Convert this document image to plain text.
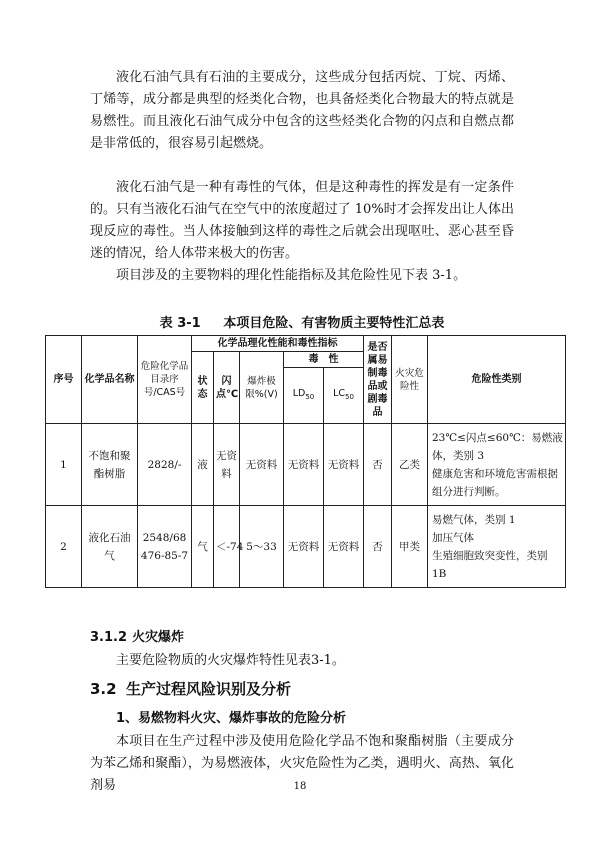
液化石油气具有石油的主要成分，这些成分包括丙烷、丁烷、丙烯、丁烯等，成分都是典型的烃类化合物，也具备烃类化合物最大的特点就是易燃性。而且液化石油气成分中包含的这些烃类化合物的闪点和自燃点都是非常低的，很容易引起燃烧。

液化石油气是一种有毒性的气体，但是这种毒性的挥发是有一定条件的。只有当液化石油气在空气中的浓度超过了 10%时才会挥发出让人体出现反应的毒性。当人体接触到这样的毒性之后就会出现呕吐、恶心甚至昏迷的情况，给人体带来极大的伤害。

项目涉及的主要物料的理化性能指标及其危险性见下表 3-1。

表 3-1     本项目危险、有害物质主要特性汇总表
序号	化学品名称	危险化学品目录序号/CAS号	化学品理化性能和毒性指标					是否属易制毒品或剧毒品	火灾危险性	危险性类别
			状态	闪点℃	爆炸极限%(V)	毒　性				
						$LD_{50}$	$LC_{50}$
1	不饱和聚酯树脂	2828/-	液	无资料	无资料	无资料	无资料	否	乙类	23℃≤闪点≤60℃：易燃液体，类别 3
健康危害和环境危害需根据组分进行判断。

2	液化石油气	2548/68476-85-7	气	＜-74	5～33	无资料	无资料	否	甲类	易燃气体，类别 1
加压气体
生殖细胞致突变性，类别 1B
3.1.2 火灾爆炸

主要危险物质的火灾爆炸特性见表3-1。

3.2 生产过程风险识别及分析
1、易燃物料火灾、爆炸事故的危险分析

本项目在生产过程中涉及使用危险化学品不饱和聚酯树脂（主要成分为苯乙烯和聚酯），为易燃液体，火灾危险性为乙类，遇明火、高热、氧化剂易	18
